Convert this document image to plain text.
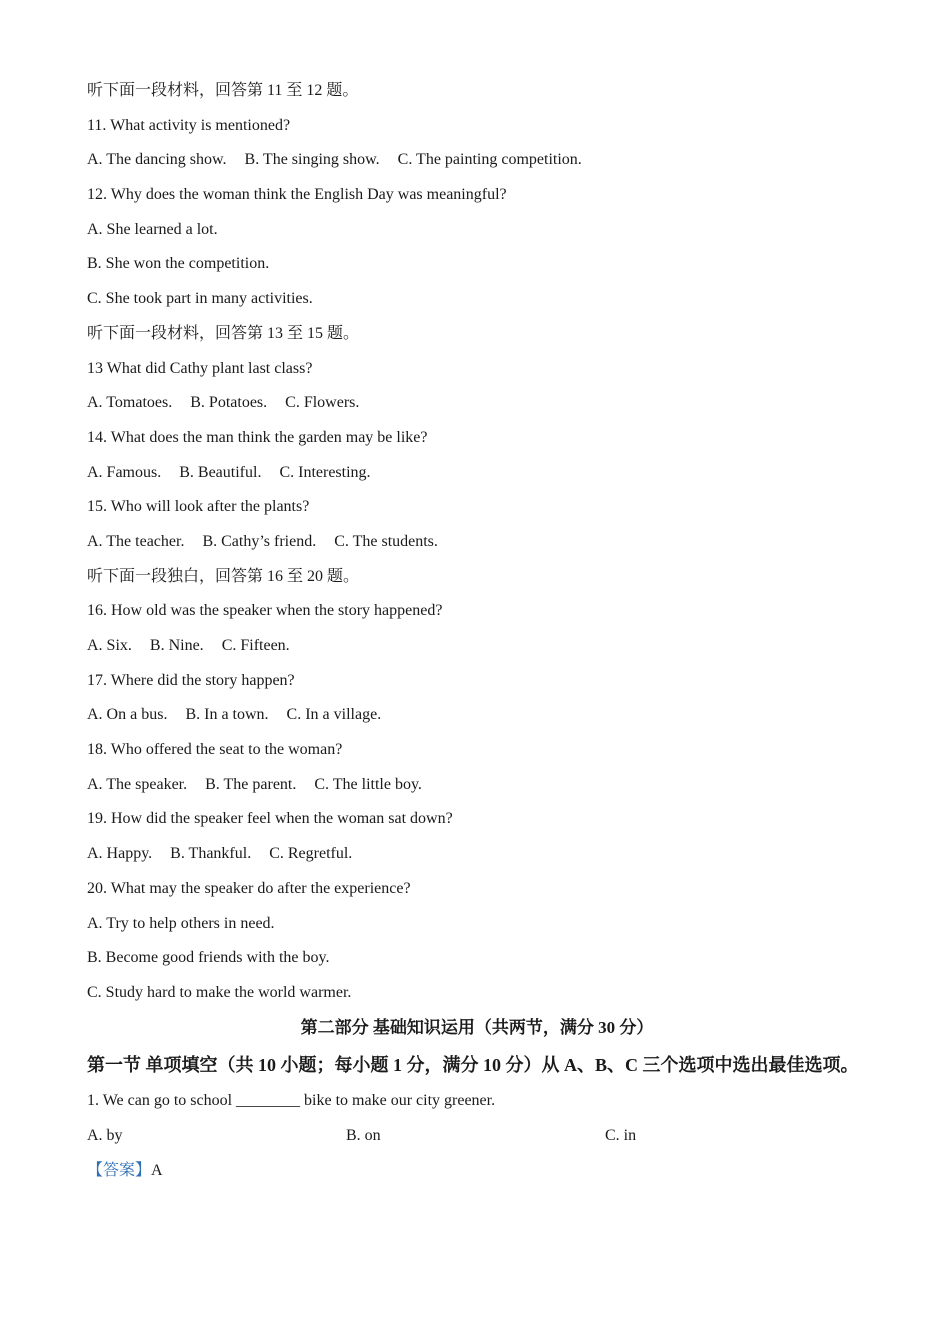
听下面一段材料，回答第 11 至 12 题。
11. What activity is mentioned?
A. The dancing show. B. The singing show. C. The painting competition.
12. Why does the woman think the English Day was meaningful?
A. She learned a lot.
B. She won the competition.
C. She took part in many activities.
听下面一段材料，回答第 13 至 15 题。
13 What did Cathy plant last class?
A. Tomatoes. B. Potatoes. C. Flowers.
14. What does the man think the garden may be like?
A. Famous. B. Beautiful. C. Interesting.
15. Who will look after the plants?
A. The teacher. B. Cathy’s friend. C. The students.
听下面一段独白，回答第 16 至 20 题。
16. How old was the speaker when the story happened?
A. Six. B. Nine. C. Fifteen.
17. Where did the story happen?
A. On a bus. B. In a town. C. In a village.
18. Who offered the seat to the woman?
A. The speaker. B. The parent. C. The little boy.
19. How did the speaker feel when the woman sat down?
A. Happy. B. Thankful. C. Regretful.
20. What may the speaker do after the experience?
A. Try to help others in need.
B. Become good friends with the boy.
C. Study hard to make the world warmer.
第二部分 基础知识运用（共两节，满分 30 分）
第一节 单项填空（共 10 小题；每小题 1 分，满分 10 分）从 A、B、C 三个选项中选出最佳选项。
1. We can go to school ________ bike to make our city greener.
A. by	B. on	C. in
【答案】A
